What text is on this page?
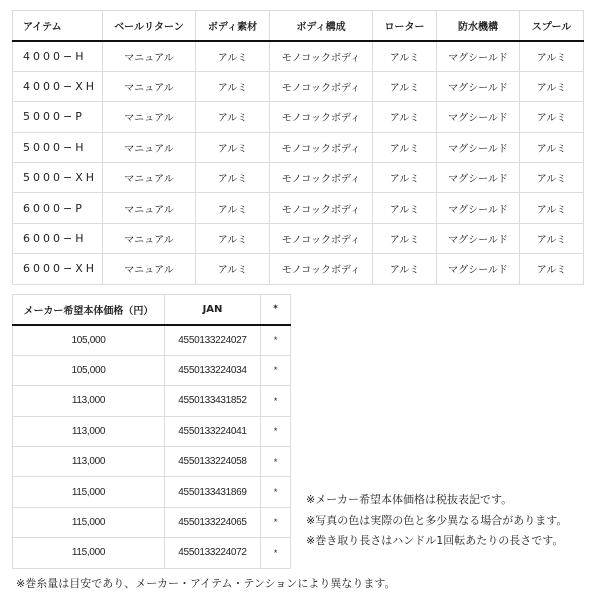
アイテム	ベールリターン	ボディ素材	ボディ構成	ローター	防水機構	スプール
4000−H	マニュアル	アルミ	モノコックボディ	アルミ	マグシールド	アルミ
4000−XH	マニュアル	アルミ	モノコックボディ	アルミ	マグシールド	アルミ
5000−P	マニュアル	アルミ	モノコックボディ	アルミ	マグシールド	アルミ
5000−H	マニュアル	アルミ	モノコックボディ	アルミ	マグシールド	アルミ
5000−XH	マニュアル	アルミ	モノコックボディ	アルミ	マグシールド	アルミ
6000−P	マニュアル	アルミ	モノコックボディ	アルミ	マグシールド	アルミ
6000−H	マニュアル	アルミ	モノコックボディ	アルミ	マグシールド	アルミ
6000−XH	マニュアル	アルミ	モノコックボディ	アルミ	マグシールド	アルミ
メーカー希望本体価格（円）	JAN	*
105,000	4550133224027	*
105,000	4550133224034	*
113,000	4550133431852	*
113,000	4550133224041	*
113,000	4550133224058	*
115,000	4550133431869	*
115,000	4550133224065	*
115,000	4550133224072	*
※メーカー希望本体価格は税抜表記です。
※写真の色は実際の色と多少異なる場合があります。
※巻き取り長さはハンドル1回転あたりの長さです。
※巻糸量は目安であり、メーカー・アイテム・テンションにより異なります。
